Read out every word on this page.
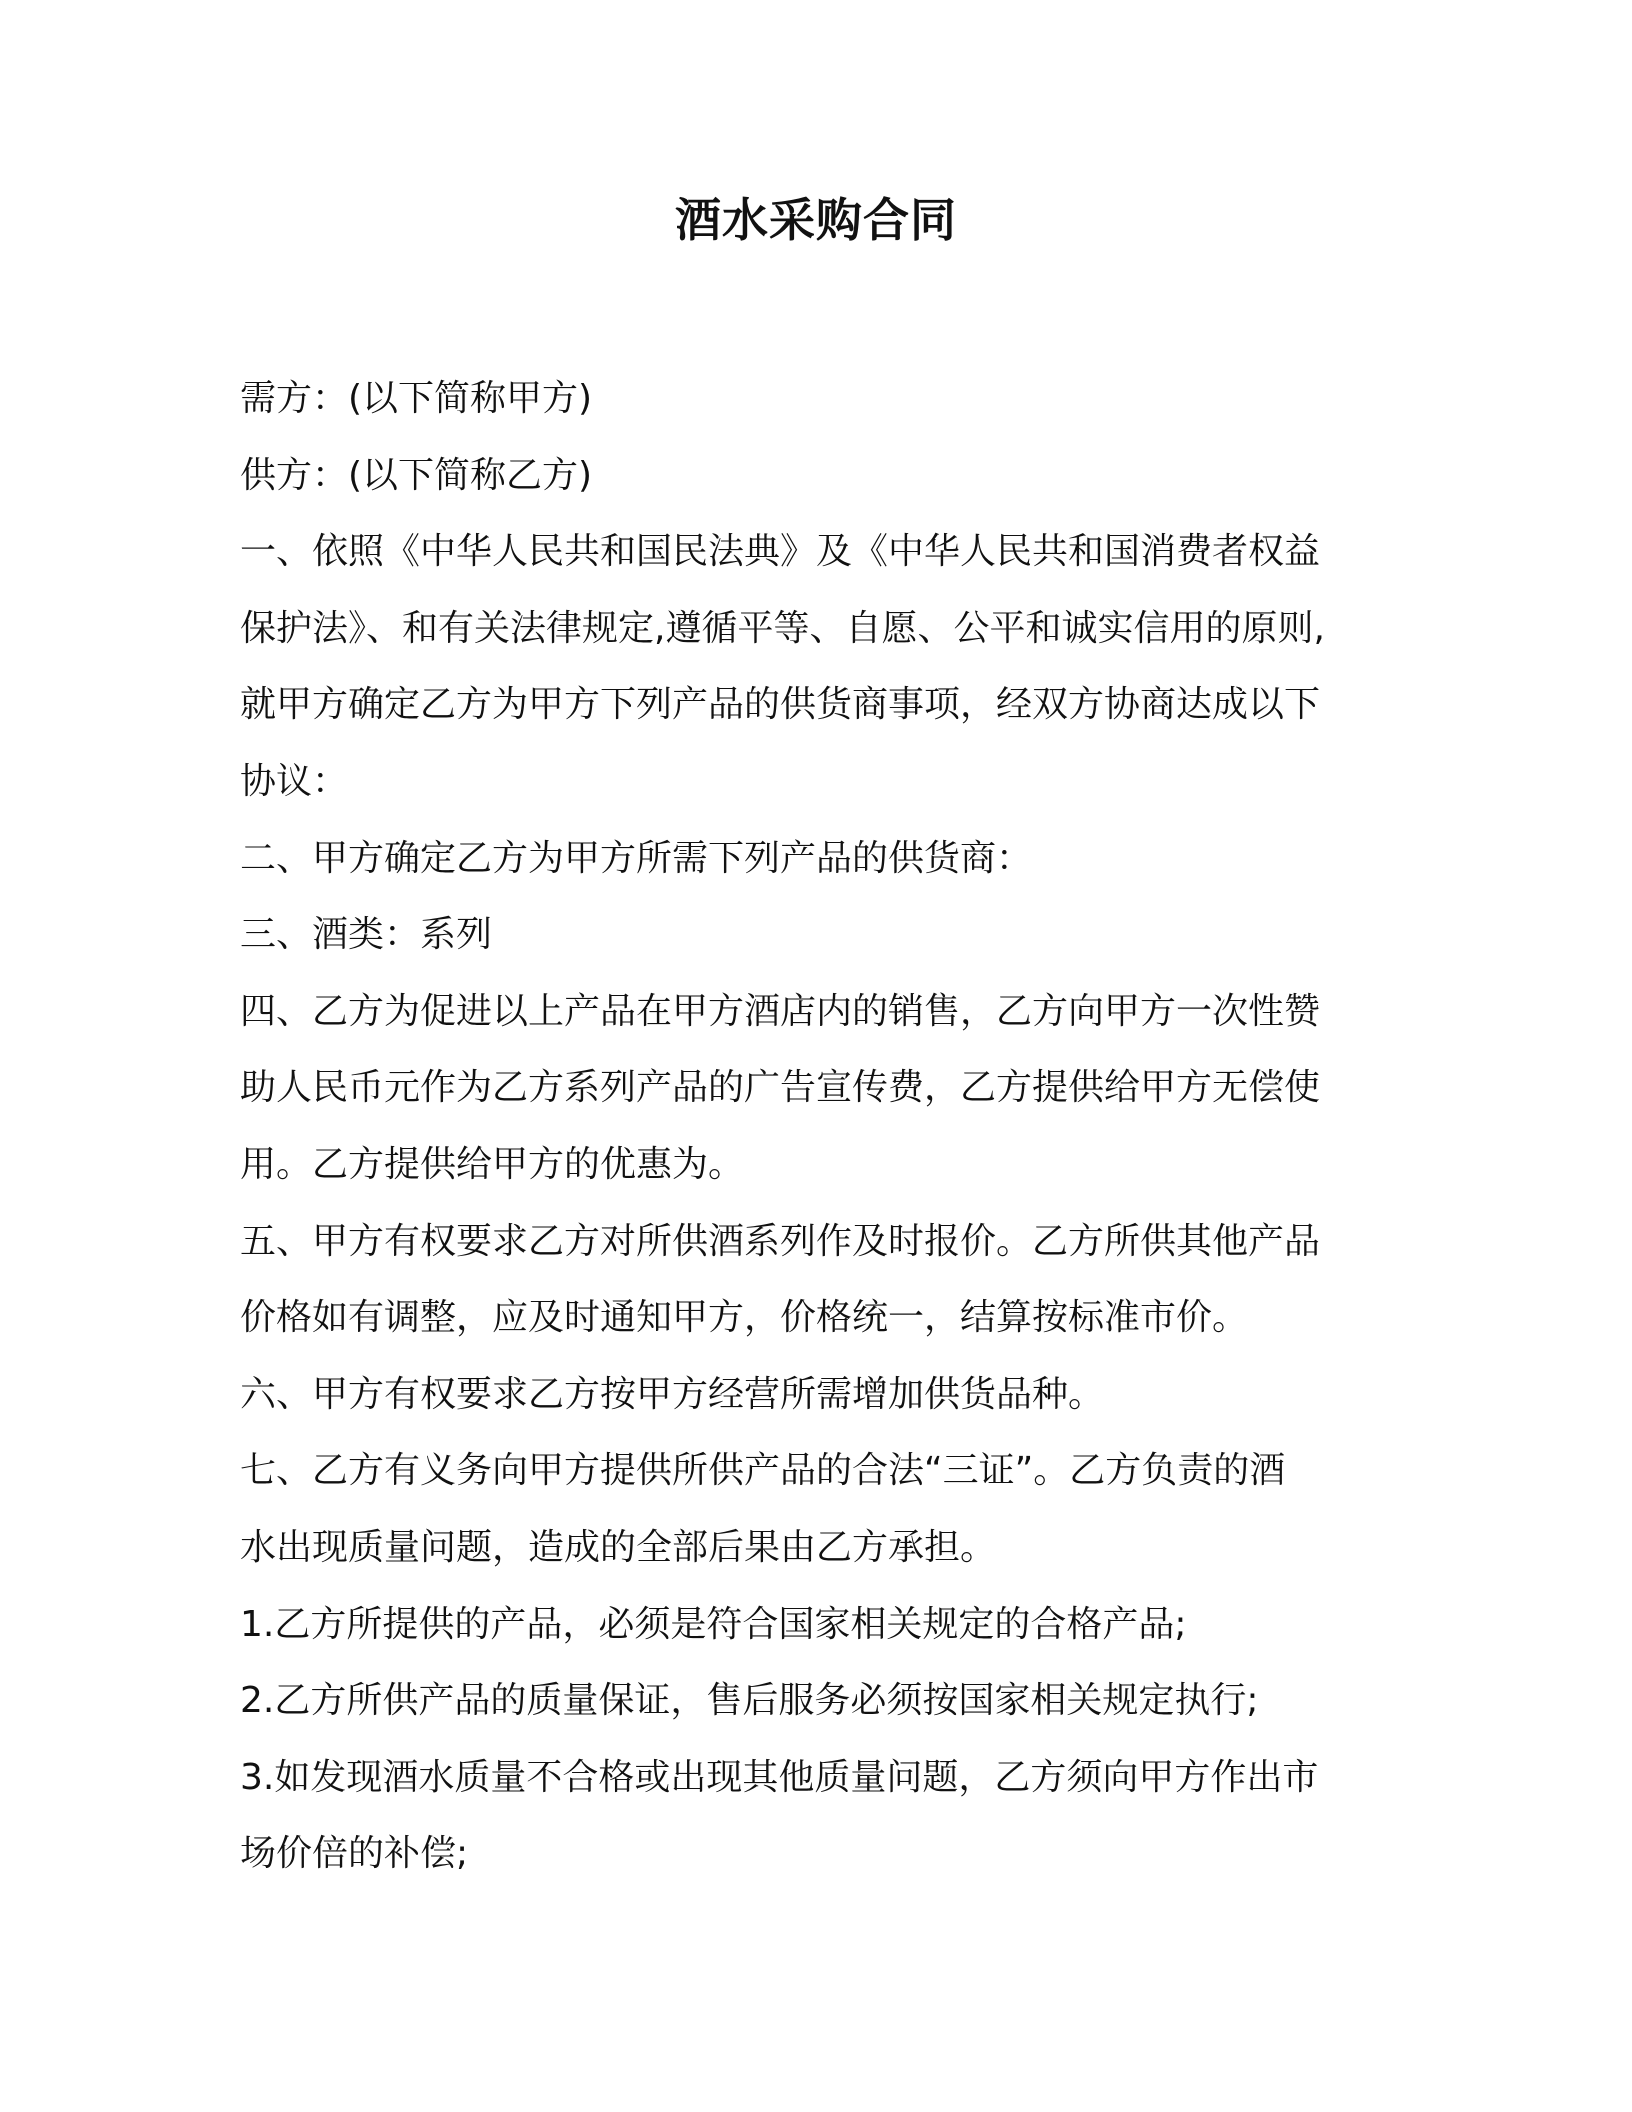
酒水采购合同
需方：(以下简称甲方)
供方：(以下简称乙方)
一、依照《中华人民共和国民法典》及《中华人民共和国消费者权益
保护法》、和有关法律规定,遵循平等、自愿、公平和诚实信用的原则,
就甲方确定乙方为甲方下列产品的供货商事项，经双方协商达成以下
协议：
二、甲方确定乙方为甲方所需下列产品的供货商：
三、酒类：系列
四、乙方为促进以上产品在甲方酒店内的销售，乙方向甲方一次性赞
助人民币元作为乙方系列产品的广告宣传费，乙方提供给甲方无偿使
用。乙方提供给甲方的优惠为。
五、甲方有权要求乙方对所供酒系列作及时报价。乙方所供其他产品
价格如有调整，应及时通知甲方，价格统一，结算按标准市价。
六、甲方有权要求乙方按甲方经营所需增加供货品种。
七、乙方有义务向甲方提供所供产品的合法“三证”。乙方负责的酒
水出现质量问题，造成的全部后果由乙方承担。
1.乙方所提供的产品，必须是符合国家相关规定的合格产品;
2.乙方所供产品的质量保证，售后服务必须按国家相关规定执行;
3.如发现酒水质量不合格或出现其他质量问题，乙方须向甲方作出市
场价倍的补偿;
